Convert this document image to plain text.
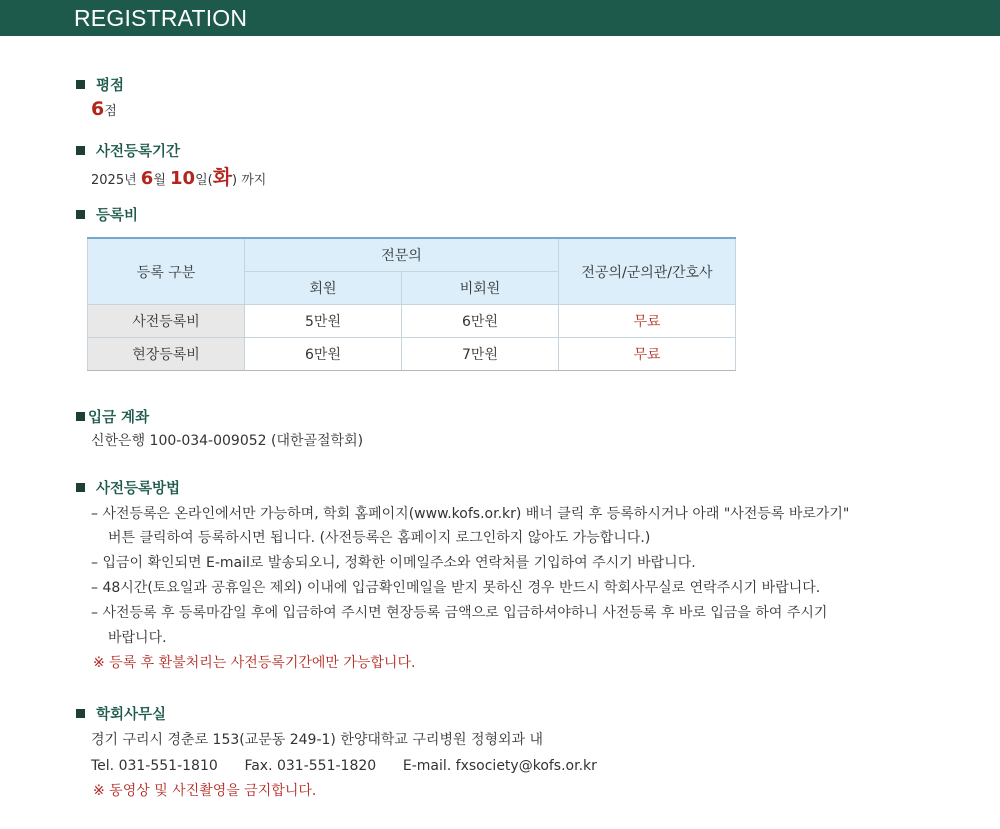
REGISTRATION
평점
6점
사전등록기간
2025년 6월 10일(화) 까지
등록비
등록 구분	전문의		전공의/군의관/간호사
	회원	비회원	
사전등록비	5만원	6만원	무료
현장등록비	6만원	7만원	무료
입금 계좌
신한은행 100-034-009052 (대한골절학회)
사전등록방법
– 사전등록은 온라인에서만 가능하며, 학회 홈페이지(www.kofs.or.kr) 배너 클릭 후 등록하시거나 아래 "사전등록 바로가기"
버튼 클릭하여 등록하시면 됩니다. (사전등록은 홈페이지 로그인하지 않아도 가능합니다.)
– 입금이 확인되면 E-mail로 발송되오니, 정확한 이메일주소와 연락처를 기입하여 주시기 바랍니다.
– 48시간(토요일과 공휴일은 제외) 이내에 입금확인메일을 받지 못하신 경우 반드시 학회사무실로 연락주시기 바랍니다.
– 사전등록 후 등록마감일 후에 입금하여 주시면 현장등록 금액으로 입금하셔야하니 사전등록 후 바로 입금을 하여 주시기
바랍니다.
※ 등록 후 환불처리는 사전등록기간에만 가능합니다.
학회사무실
경기 구리시 경춘로 153(교문동 249-1) 한양대학교 구리병원 정형외과 내
Tel. 031-551-1810      Fax. 031-551-1820      E-mail. fxsociety@kofs.or.kr
※ 동영상 및 사진촬영을 금지합니다.
